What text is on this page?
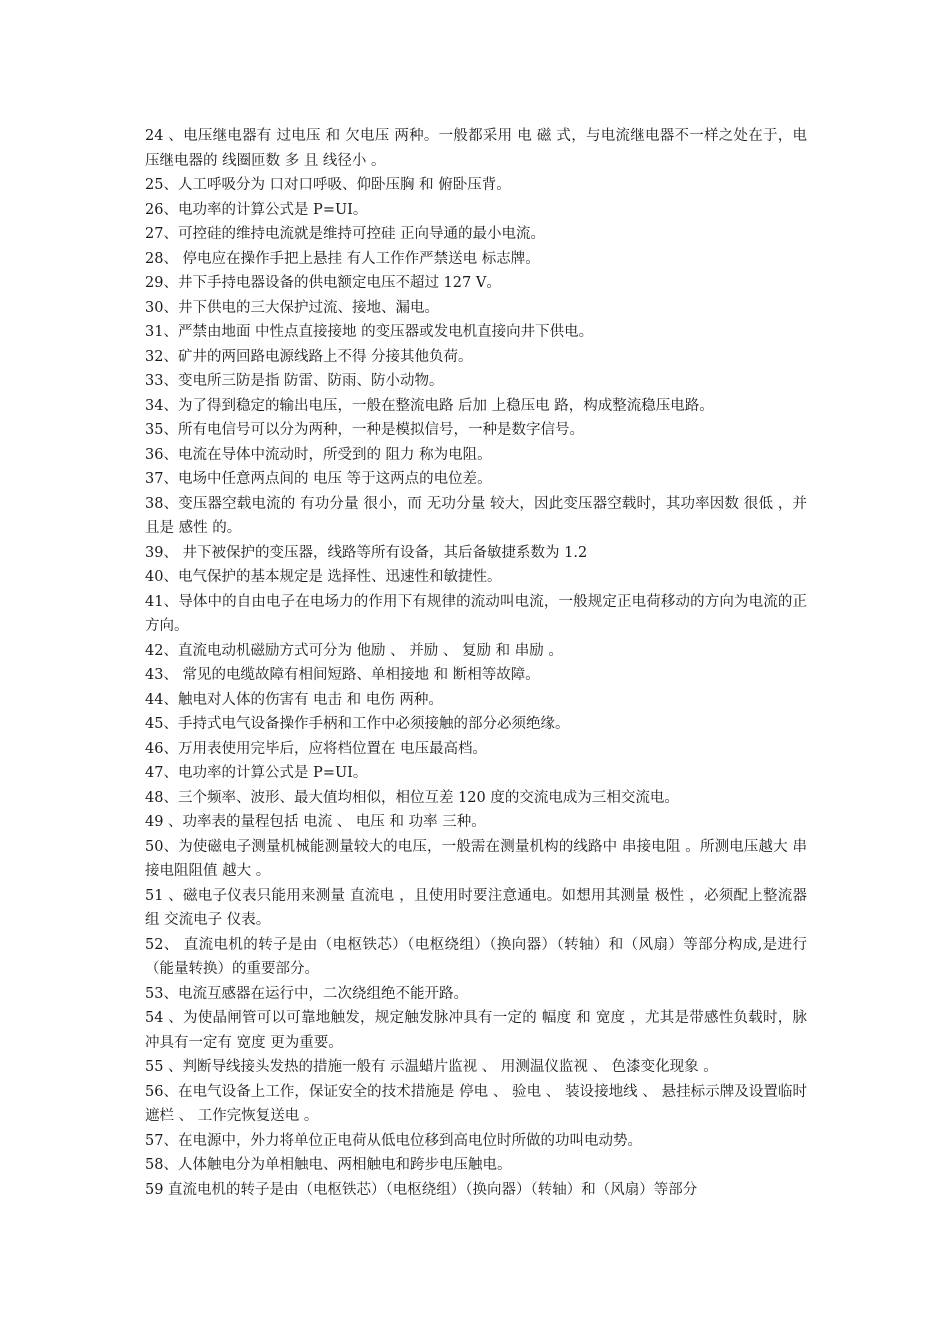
24 、电压继电器有 过电压 和 欠电压 两种。一般都采用 电 磁 式，与电流继电器不一样之处在于，电压继电器的 线圈匝数 多 且 线径小 。

25、人工呼吸分为 口对口呼吸、仰卧压胸 和 俯卧压背。

26、电功率的计算公式是 P=UI。

27、可控硅的维持电流就是维持可控硅 正向导通的最小电流。

28、 停电应在操作手把上悬挂 有人工作作严禁送电 标志牌。

29、井下手持电器设备的供电额定电压不超过 127 V。

30、井下供电的三大保护过流、接地、漏电。

31、严禁由地面 中性点直接接地 的变压器或发电机直接向井下供电。

32、矿井的两回路电源线路上不得 分接其他负荷。

33、变电所三防是指 防雷、防雨、防小动物。

34、为了得到稳定的输出电压，一般在整流电路 后加 上稳压电 路，构成整流稳压电路。

35、所有电信号可以分为两种，一种是模拟信号，一种是数字信号。

36、电流在导体中流动时，所受到的 阻力 称为电阻。

37、电场中任意两点间的 电压 等于这两点的电位差。

38、变压器空载电流的 有功分量 很小，而 无功分量 较大，因此变压器空载时，其功率因数 很低 ，并且是 感性 的。

39、 井下被保护的变压器，线路等所有设备，其后备敏捷系数为 1.2

40、电气保护的基本规定是 选择性、迅速性和敏捷性。

41、导体中的自由电子在电场力的作用下有规律的流动叫电流，一般规定正电荷移动的方向为电流的正方向。

42、直流电动机磁励方式可分为 他励 、 并励 、 复励 和 串励 。

43、 常见的电缆故障有相间短路、单相接地 和 断相等故障。

44、触电对人体的伤害有 电击 和 电伤 两种。

45、手持式电气设备操作手柄和工作中必须接触的部分必须绝缘。

46、万用表使用完毕后，应将档位置在 电压最高档。

47、电功率的计算公式是 P=UI。

48、三个频率、波形、最大值均相似，相位互差 120 度的交流电成为三相交流电。

49 、功率表的量程包括 电流 、 电压 和 功率 三种。

50、为使磁电子测量机械能测量较大的电压，一般需在测量机构的线路中 串接电阻 。所测电压越大 串接电阻阻值 越大 。

51 、磁电子仪表只能用来测量 直流电 ，且使用时要注意通电。如想用其测量 极性 ，必须配上整流器组 交流电子 仪表。

52、 直流电机的转子是由（电枢铁芯）（电枢绕组）（换向器）（转轴）和（风扇）等部分构成,是进行 （能量转换）的重要部分。

53、电流互感器在运行中，二次绕组绝不能开路。

54 、为使晶闸管可以可靠地触发，规定触发脉冲具有一定的 幅度 和 宽度 ，尤其是带感性负载时，脉冲具有一定有 宽度 更为重要。

55 、判断导线接头发热的措施一般有 示温蜡片监视 、 用测温仪监视 、 色漆变化现象 。

56、在电气设备上工作，保证安全的技术措施是 停电 、 验电 、 装设接地线 、 悬挂标示牌及设置临时遮栏 、 工作完恢复送电 。

57、在电源中，外力将单位正电荷从低电位移到高电位时所做的功叫电动势。

58、人体触电分为单相触电、两相触电和跨步电压触电。

59 直流电机的转子是由（电枢铁芯）（电枢绕组）（换向器）（转轴）和（风扇）等部分
